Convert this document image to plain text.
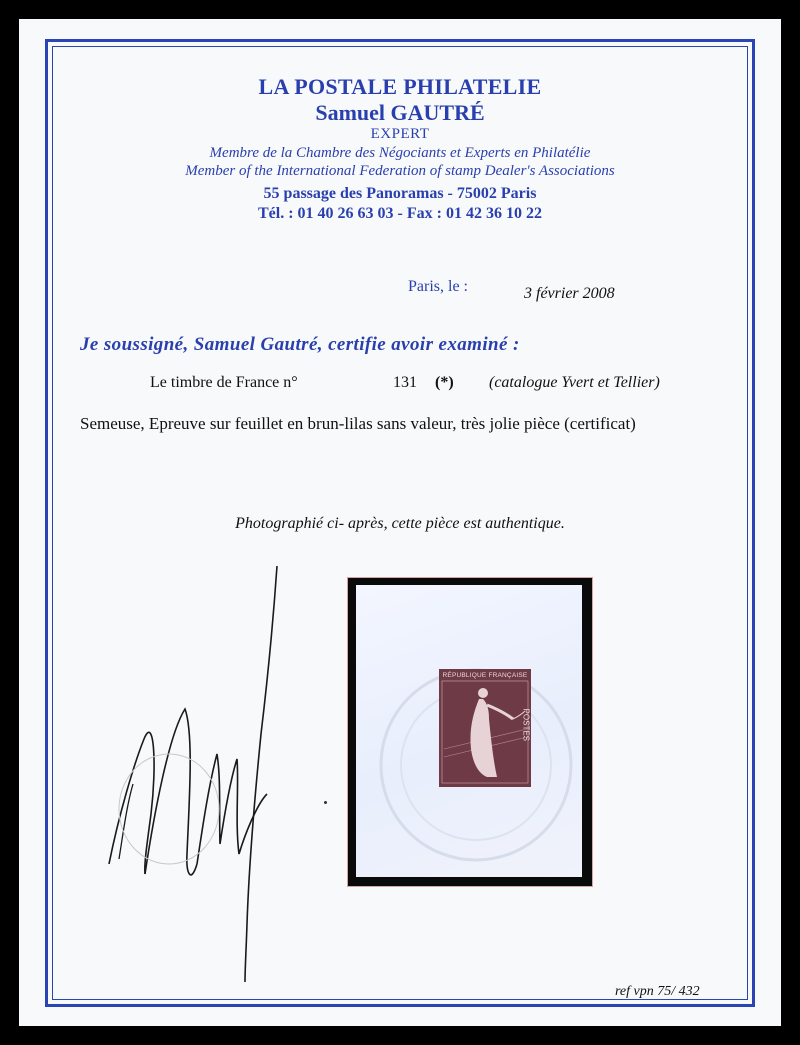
LA POSTALE PHILATELIE
Samuel GAUTRÉ
EXPERT
Membre de la Chambre des Négociants et Experts en Philatélie
Member of the International Federation of stamp Dealer's Associations
55 passage des Panoramas - 75002 Paris
Tél. : 01 40 26 63 03 - Fax : 01 42 36 10 22
Paris, le :	3 février 2008
Je soussigné, Samuel Gautré, certifie avoir examiné :
Le timbre de France n°	131 (*) (catalogue Yvert et Tellier)
Semeuse, Epreuve sur feuillet en brun-lilas sans valeur, très jolie pièce (certificat)
Photographié ci- après, cette pièce est authentique.
RÉPUBLIQUE FRANÇAISE
POSTES
ref vpn 75/ 432
